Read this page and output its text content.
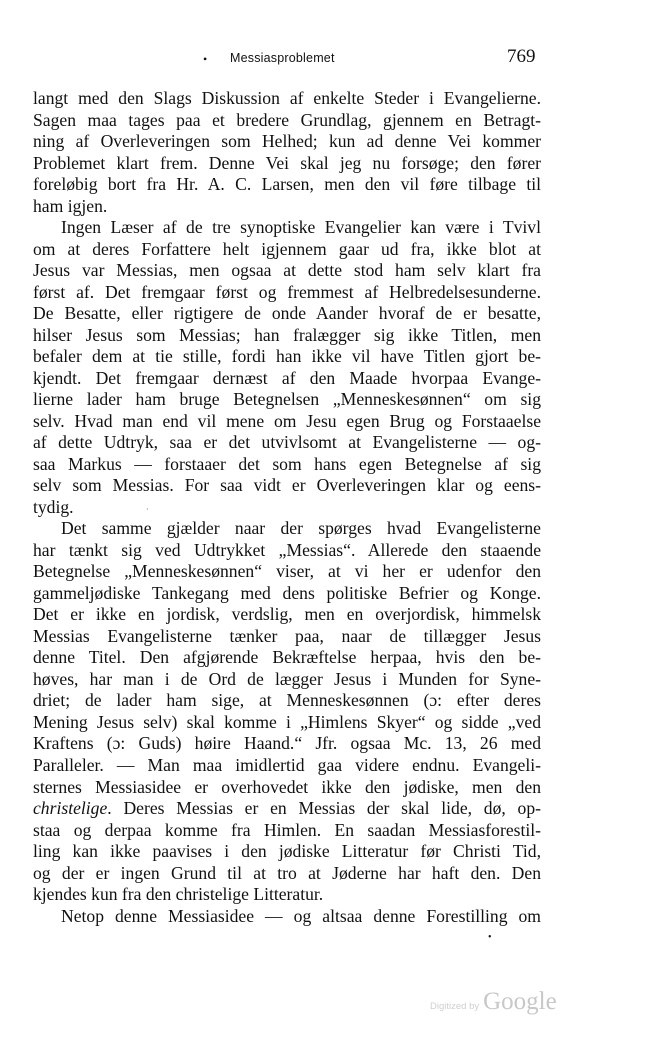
• Messiasproblemet	769
langt med den Slags Diskussion af enkelte Steder i Evangelierne.
Sagen maa tages paa et bredere Grundlag, gjennem en Betragt-
ning af Overleveringen som Helhed; kun ad denne Vei kommer
Problemet klart frem. Denne Vei skal jeg nu forsøge; den fører
foreløbig bort fra Hr. A. C. Larsen, men den vil føre tilbage til
ham igjen.
Ingen Læser af de tre synoptiske Evangelier kan være i Tvivl
om at deres Forfattere helt igjennem gaar ud fra, ikke blot at
Jesus var Messias, men ogsaa at dette stod ham selv klart fra
først af. Det fremgaar først og fremmest af Helbredelsesunderne.
De Besatte, eller rigtigere de onde Aander hvoraf de er besatte,
hilser Jesus som Messias; han fralægger sig ikke Titlen, men
befaler dem at tie stille, fordi han ikke vil have Titlen gjort be-
kjendt. Det fremgaar dernæst af den Maade hvorpaa Evange-
lierne lader ham bruge Betegnelsen „Menneskesønnen“ om sig
selv. Hvad man end vil mene om Jesu egen Brug og Forstaaelse
af dette Udtryk, saa er det utvivlsomt at Evangelisterne — og-
saa Markus — forstaaer det som hans egen Betegnelse af sig
selv som Messias. For saa vidt er Overleveringen klar og eens-
tydig.
Det samme gjælder naar der spørges hvad Evangelisterne
har tænkt sig ved Udtrykket „Messias“. Allerede den staaende
Betegnelse „Menneskesønnen“ viser, at vi her er udenfor den
gammeljødiske Tankegang med dens politiske Befrier og Konge.
Det er ikke en jordisk, verdslig, men en overjordisk, himmelsk
Messias Evangelisterne tænker paa, naar de tillægger Jesus
denne Titel. Den afgjørende Bekræftelse herpaa, hvis den be-
høves, har man i de Ord de lægger Jesus i Munden for Syne-
driet; de lader ham sige, at Menneskesønnen (ɔ: efter deres
Mening Jesus selv) skal komme i „Himlens Skyer“ og sidde „ved
Kraftens (ɔ: Guds) høire Haand.“ Jfr. ogsaa Mc. 13, 26 med
Paralleler. — Man maa imidlertid gaa videre endnu. Evangeli-
sternes Messiasidee er overhovedet ikke den jødiske, men den
christelige. Deres Messias er en Messias der skal lide, dø, op-
staa og derpaa komme fra Himlen. En saadan Messiasforestil-
ling kan ikke paavises i den jødiske Litteratur før Christi Tid,
og der er ingen Grund til at tro at Jøderne har haft den. Den
kjendes kun fra den christelige Litteratur.
Netop denne Messiasidee — og altsaa denne Forestilling om
·
•
Digitized by Google
